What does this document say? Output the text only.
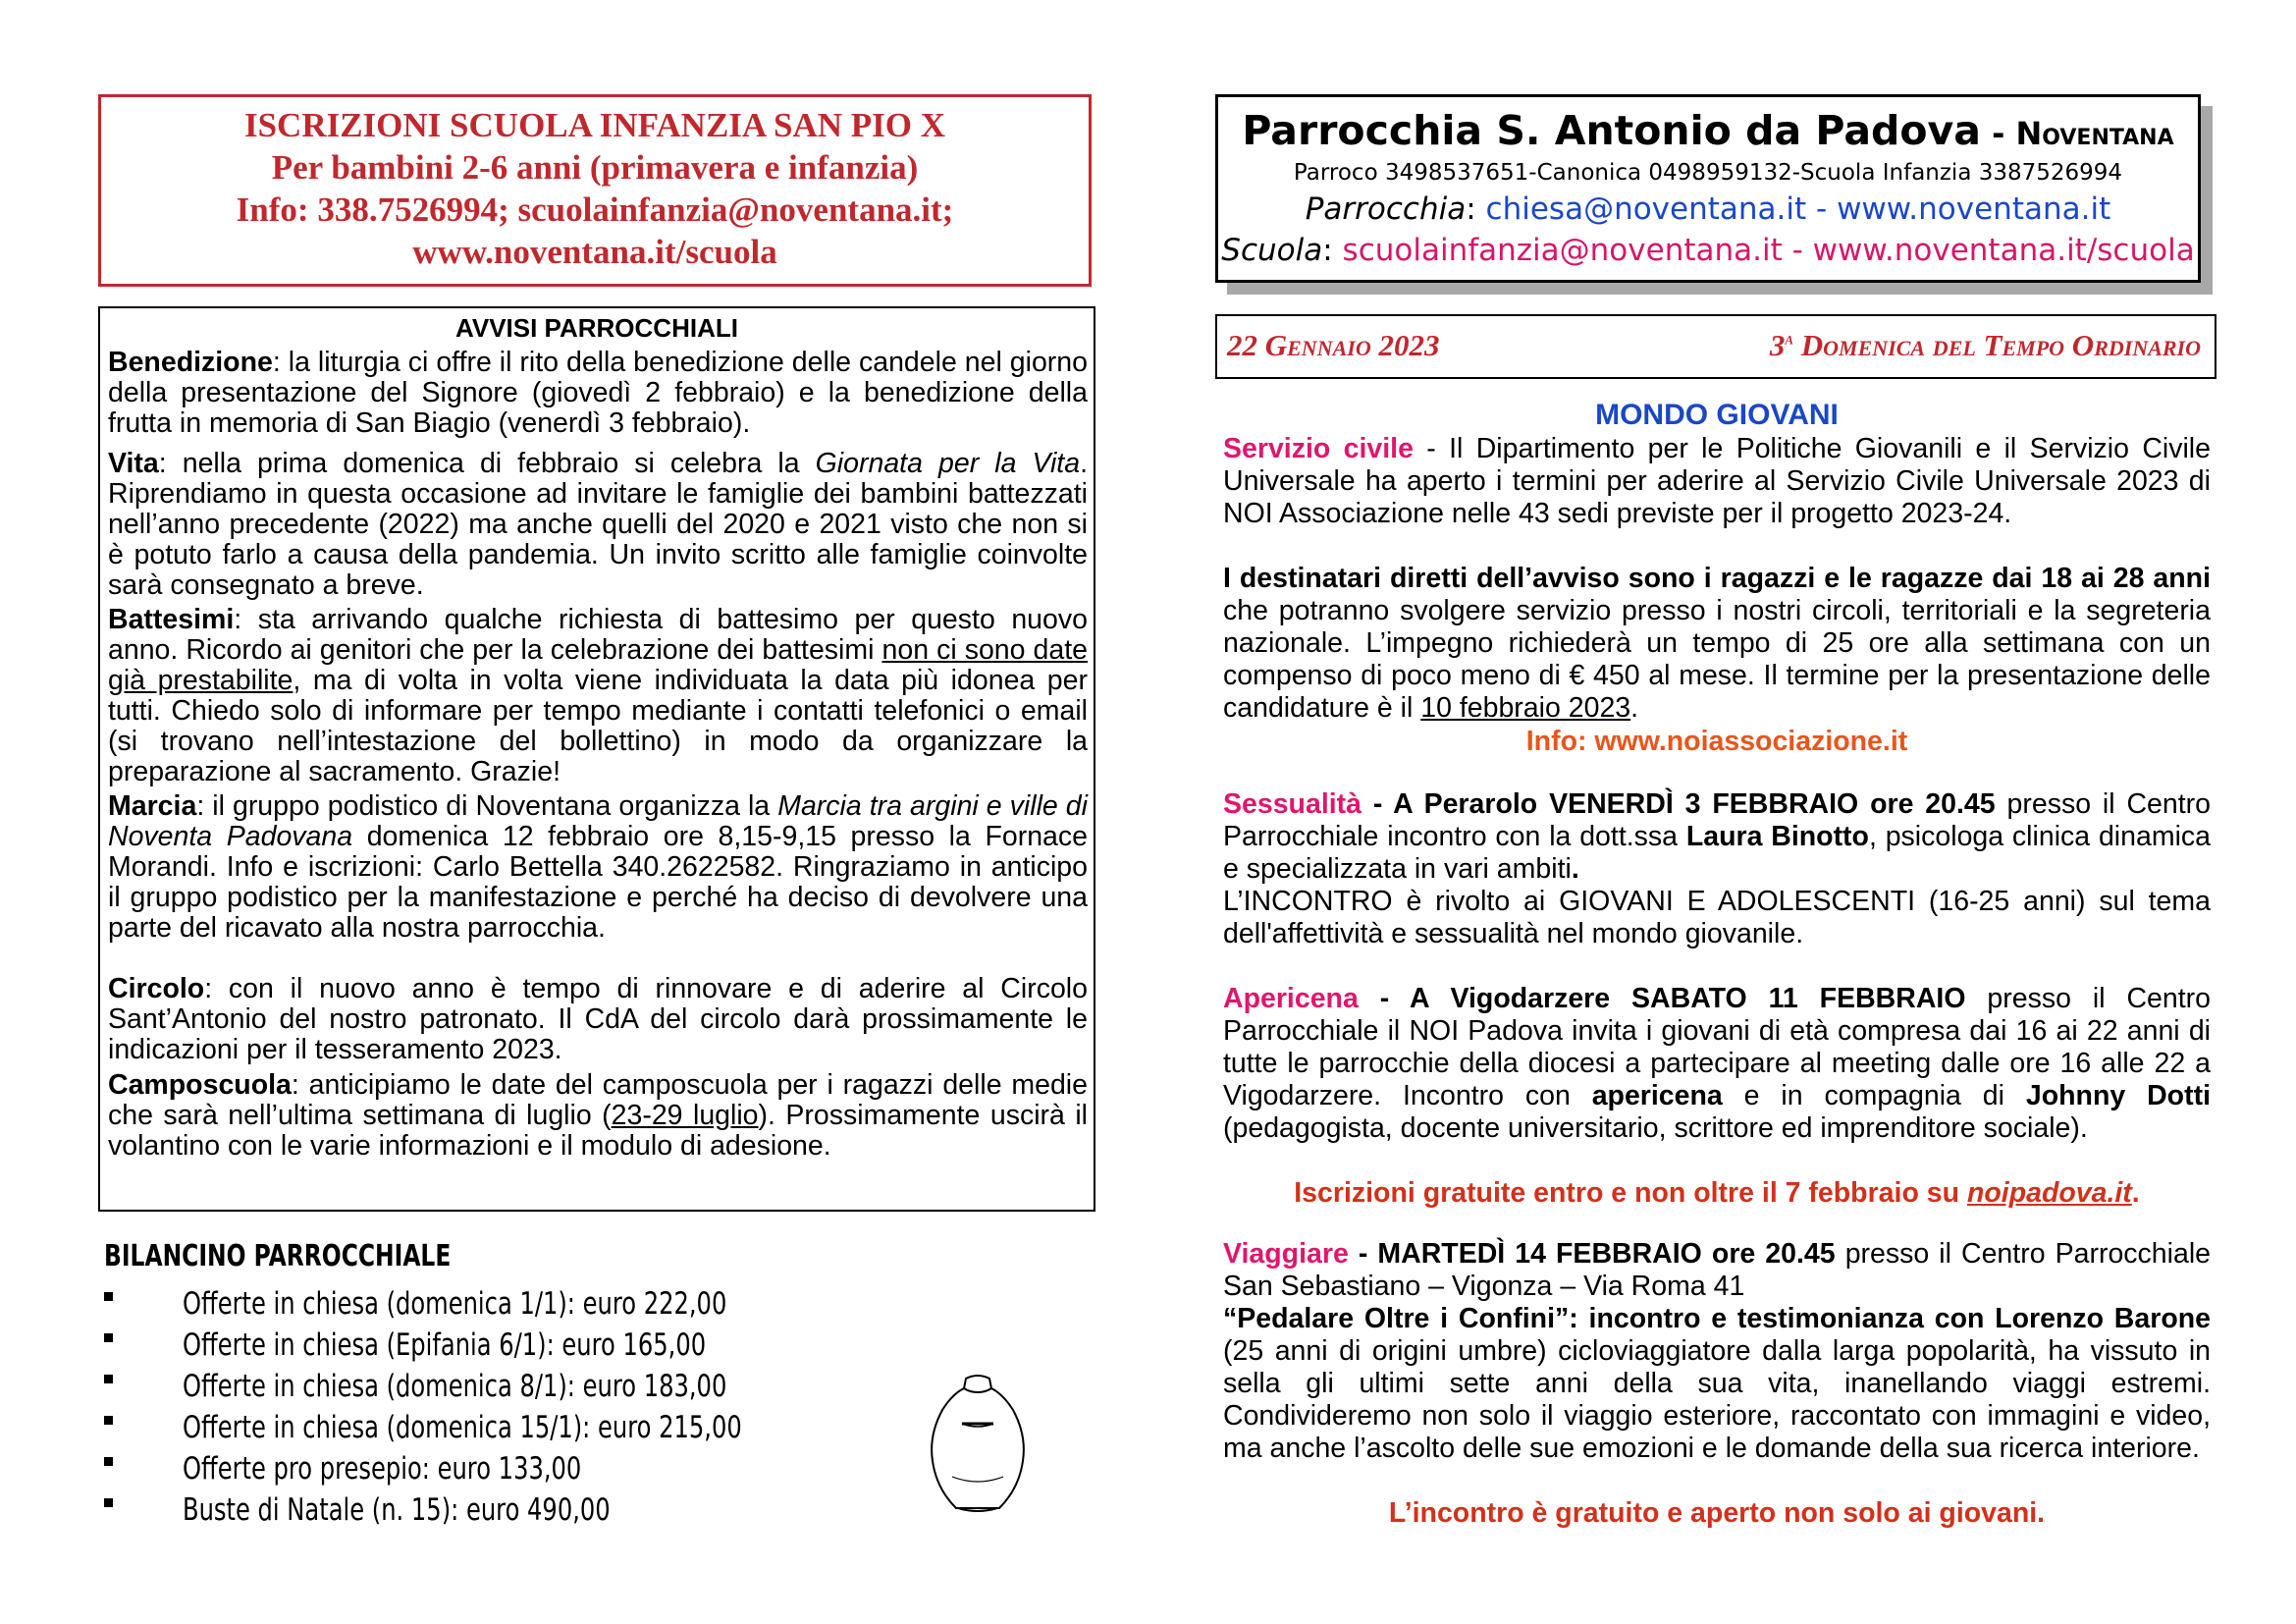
ISCRIZIONI SCUOLA INFANZIA SAN PIO X
Per bambini 2-6 anni (primavera e infanzia)
Info: 338.7526994; scuolainfanzia@noventana.it;
www.noventana.it/scuola
AVVISI PARROCCHIALI
Benedizione: la liturgia ci offre il rito della benedizione delle candele nel giorno della presentazione del Signore (giovedì 2 febbraio) e la benedizione della frutta in memoria di San Biagio (venerdì 3 febbraio).
Vita: nella prima domenica di febbraio si celebra la Giornata per la Vita. Riprendiamo in questa occasione ad invitare le famiglie dei bambini battezzati nell’anno precedente (2022) ma anche quelli del 2020 e 2021 visto che non si è potuto farlo a causa della pandemia. Un invito scritto alle famiglie coinvolte sarà consegnato a breve.
Battesimi: sta arrivando qualche richiesta di battesimo per questo nuovo anno. Ricordo ai genitori che per la celebrazione dei battesimi non ci sono date già prestabilite, ma di volta in volta viene individuata la data più idonea per tutti. Chiedo solo di informare per tempo mediante i contatti telefonici o email (si trovano nell’intestazione del bollettino) in modo da organizzare la preparazione al sacramento. Grazie!
Marcia: il gruppo podistico di Noventana organizza la Marcia tra argini e ville di Noventa Padovana domenica 12 febbraio ore 8,15-9,15 presso la Fornace Morandi. Info e iscrizioni: Carlo Bettella 340.2622582. Ringraziamo in anticipo il gruppo podistico per la manifestazione e perché ha deciso di devolvere una parte del ricavato alla nostra parrocchia.
Circolo: con il nuovo anno è tempo di rinnovare e di aderire al Circolo Sant’Antonio del nostro patronato. Il CdA del circolo darà prossimamente le indicazioni per il tesseramento 2023.
Camposcuola: anticipiamo le date del camposcuola per i ragazzi delle medie che sarà nell’ultima settimana di luglio (23-29 luglio). Prossimamente uscirà il volantino con le varie informazioni e il modulo di adesione.
BILANCINO PARROCCHIALE
Offerte in chiesa (domenica 1/1): euro 222,00
Offerte in chiesa (Epifania 6/1): euro 165,00
Offerte in chiesa (domenica 8/1): euro 183,00
Offerte in chiesa (domenica 15/1): euro 215,00
Offerte pro presepio: euro 133,00
Buste di Natale (n. 15): euro 490,00
Parrocchia S. Antonio da Padova - Noventana
Parroco 3498537651-Canonica 0498959132-Scuola Infanzia 3387526994
Parrocchia: chiesa@noventana.it - www.noventana.it
Scuola: scuolainfanzia@noventana.it - www.noventana.it/scuola
22 Gennaio 2023	3$^a$ Domenica del Tempo Ordinario
MONDO GIOVANI
Servizio civile - Il Dipartimento per le Politiche Giovanili e il Servizio Civile Universale ha aperto i termini per aderire al Servizio Civile Universale 2023 di NOI Associazione nelle 43 sedi previste per il progetto 2023-24.
I destinatari diretti dell’avviso sono i ragazzi e le ragazze dai 18 ai 28 anni che potranno svolgere servizio presso i nostri circoli, territoriali e la segreteria nazionale. L’impegno richiederà un tempo di 25 ore alla settimana con un compenso di poco meno di € 450 al mese. Il termine per la presentazione delle candidature è il 10 febbraio 2023.
Info: www.noiassociazione.it
Sessualità - A Perarolo VENERDÌ 3 FEBBRAIO ore 20.45 presso il Centro Parrocchiale incontro con la dott.ssa Laura Binotto, psicologa clinica dinamica e specializzata in vari ambiti.
L’INCONTRO è rivolto ai GIOVANI E ADOLESCENTI (16-25 anni) sul tema dell'affettività e sessualità nel mondo giovanile.
Apericena - A Vigodarzere SABATO 11 FEBBRAIO presso il Centro Parrocchiale il NOI Padova invita i giovani di età compresa dai 16 ai 22 anni di tutte le parrocchie della diocesi a partecipare al meeting dalle ore 16 alle 22 a Vigodarzere. Incontro con apericena e in compagnia di Johnny Dotti (pedagogista, docente universitario, scrittore ed imprenditore sociale).
Iscrizioni gratuite entro e non oltre il 7 febbraio su noipadova.it.
Viaggiare - MARTEDÌ 14 FEBBRAIO ore 20.45 presso il Centro Parrocchiale San Sebastiano – Vigonza – Via Roma 41
“Pedalare Oltre i Confini”: incontro e testimonianza con Lorenzo Barone (25 anni di origini umbre) cicloviaggiatore dalla larga popolarità, ha vissuto in sella gli ultimi sette anni della sua vita, inanellando viaggi estremi. Condivideremo non solo il viaggio esteriore, raccontato con immagini e video, ma anche l’ascolto delle sue emozioni e le domande della sua ricerca interiore.
L’incontro è gratuito e aperto non solo ai giovani.
